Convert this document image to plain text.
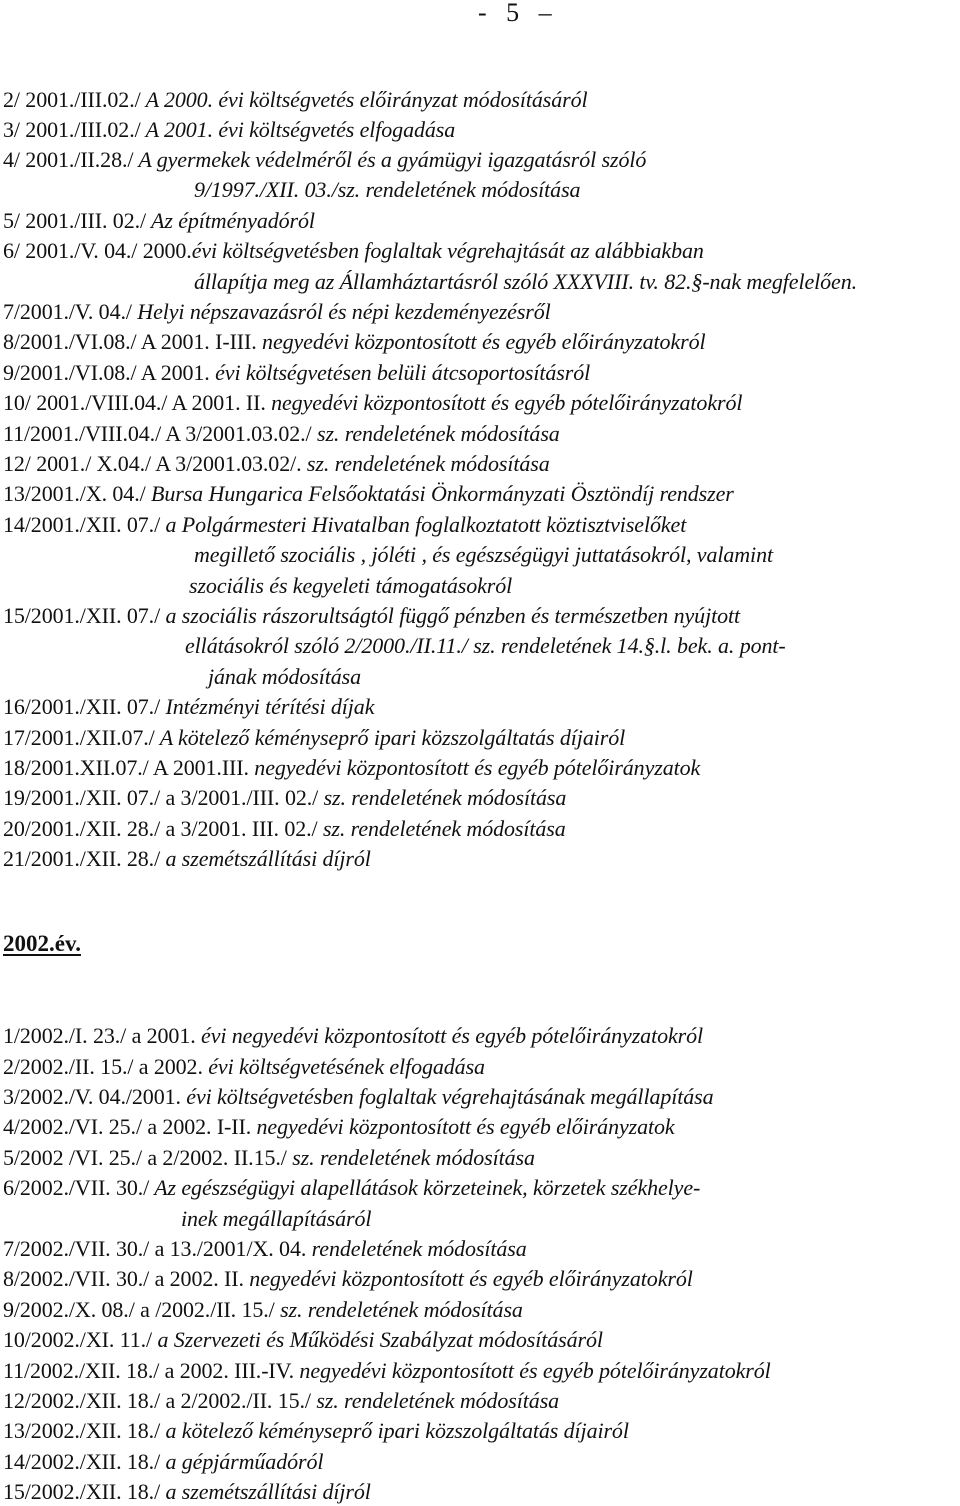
-   5   –
2/ 2001./III.02./ A 2000. évi költségvetés előirányzat módosításáról
3/ 2001./III.02./ A 2001. évi költségvetés elfogadása
4/ 2001./II.28./ A gyermekek védelméről és a gyámügyi igazgatásról szóló
9/1997./XII. 03./sz. rendeletének módosítása
5/ 2001./III. 02./ Az építményadóról
6/ 2001./V. 04./ 2000.évi költségvetésben foglaltak végrehajtását az alábbiakban
állapítja meg az Államháztartásról szóló XXXVIII. tv. 82.§-nak megfelelően.
7/2001./V. 04./ Helyi népszavazásról és népi kezdeményezésről
8/2001./VI.08./ A 2001. I-III. negyedévi központosított és egyéb előirányzatokról
9/2001./VI.08./ A 2001. évi költségvetésen belüli átcsoportosításról
10/ 2001./VIII.04./ A 2001. II. negyedévi központosított és egyéb pótelőirányzatokról
11/2001./VIII.04./ A 3/2001.03.02./ sz. rendeletének módosítása
12/ 2001./ X.04./ A 3/2001.03.02/. sz. rendeletének módosítása
13/2001./X. 04./ Bursa Hungarica Felsőoktatási Önkormányzati Ösztöndíj rendszer
14/2001./XII. 07./ a Polgármesteri Hivatalban foglalkoztatott köztisztviselőket
megillető szociális , jóléti , és egészségügyi juttatásokról, valamint
szociális és kegyeleti támogatásokról
15/2001./XII. 07./ a szociális rászorultságtól függő pénzben és természetben nyújtott
ellátásokról szóló 2/2000./II.11./ sz. rendeletének 14.§.l. bek. a. pont-
jának módosítása
16/2001./XII. 07./ Intézményi térítési díjak
17/2001./XII.07./ A kötelező kéményseprő ipari közszolgáltatás díjairól
18/2001.XII.07./ A 2001.III. negyedévi központosított és egyéb pótelőirányzatok
19/2001./XII. 07./ a 3/2001./III. 02./ sz. rendeletének módosítása
20/2001./XII. 28./ a 3/2001. III. 02./ sz. rendeletének módosítása
21/2001./XII. 28./ a szemétszállítási díjról
2002.év.
1/2002./I. 23./ a 2001. évi negyedévi központosított és egyéb pótelőirányzatokról
2/2002./II. 15./ a 2002. évi költségvetésének elfogadása
3/2002./V. 04./2001. évi költségvetésben foglaltak végrehajtásának megállapítása
4/2002./VI. 25./ a 2002. I-II. negyedévi központosított és egyéb előirányzatok
5/2002 /VI. 25./ a 2/2002. II.15./ sz. rendeletének módosítása
6/2002./VII. 30./ Az egészségügyi alapellátások körzeteinek, körzetek székhelye-
inek megállapításáról
7/2002./VII. 30./ a 13./2001/X. 04. rendeletének módosítása
8/2002./VII. 30./ a 2002. II. negyedévi központosított és egyéb előirányzatokról
9/2002./X. 08./ a /2002./II. 15./ sz. rendeletének módosítása
10/2002./XI. 11./ a Szervezeti és Működési Szabályzat módosításáról
11/2002./XII. 18./ a 2002. III.-IV. negyedévi központosított és egyéb pótelőirányzatokról
12/2002./XII. 18./ a 2/2002./II. 15./ sz. rendeletének módosítása
13/2002./XII. 18./ a kötelező kéményseprő ipari közszolgáltatás díjairól
14/2002./XII. 18./ a gépjárműadóról
15/2002./XII. 18./ a szemétszállítási díjról
